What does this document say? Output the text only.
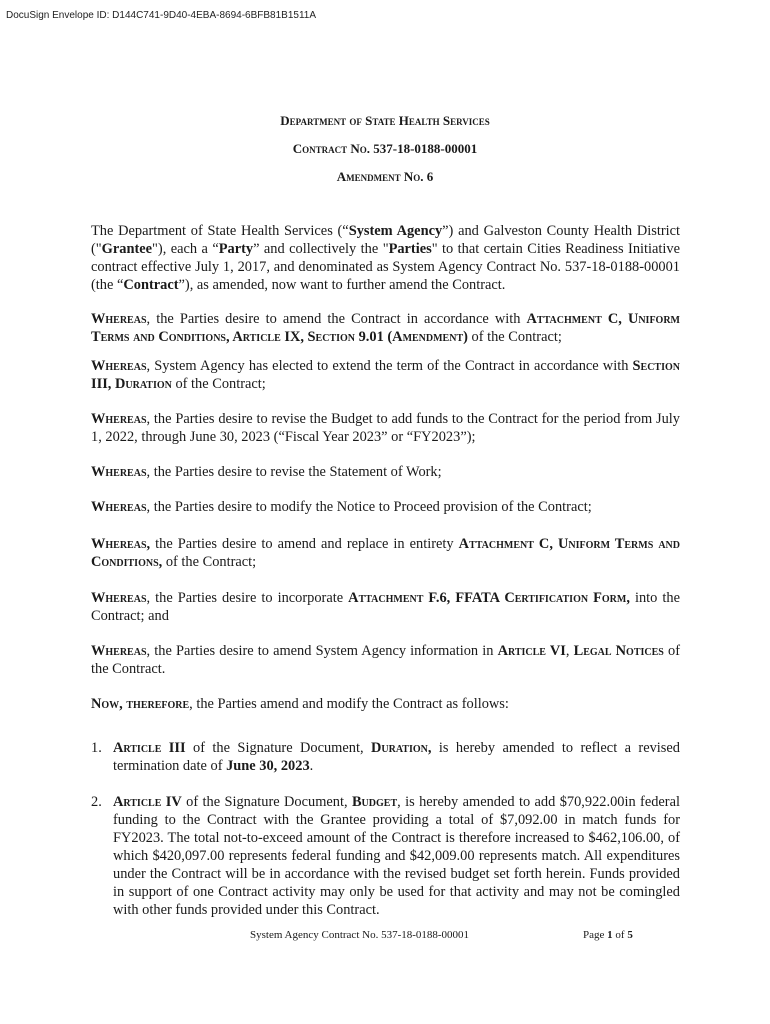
DocuSign Envelope ID: D144C741-9D40-4EBA-8694-6BFB81B1511A
Department of State Health Services
Contract No. 537-18-0188-00001
Amendment No. 6
The Department of State Health Services (“System Agency”) and Galveston County Health District ("Grantee"), each a “Party” and collectively the "Parties" to that certain Cities Readiness Initiative contract effective July 1, 2017, and denominated as System Agency Contract No. 537-18-0188-00001 (the “Contract”), as amended, now want to further amend the Contract.
Whereas, the Parties desire to amend the Contract in accordance with Attachment C, Uniform Terms and Conditions, Article IX, Section 9.01 (Amendment) of the Contract;
Whereas, System Agency has elected to extend the term of the Contract in accordance with Section III, Duration of the Contract;
Whereas, the Parties desire to revise the Budget to add funds to the Contract for the period from July 1, 2022, through June 30, 2023 (“Fiscal Year 2023” or “FY2023”);
Whereas, the Parties desire to revise the Statement of Work;
Whereas, the Parties desire to modify the Notice to Proceed provision of the Contract;
Whereas, the Parties desire to amend and replace in entirety Attachment C, Uniform Terms and Conditions, of the Contract;
Whereas, the Parties desire to incorporate Attachment F.6, FFATA Certification Form, into the Contract; and
Whereas, the Parties desire to amend System Agency information in Article VI, Legal Notices of the Contract.
Now, therefore, the Parties amend and modify the Contract as follows:
1. Article III of the Signature Document, Duration, is hereby amended to reflect a revised termination date of June 30, 2023.
2. Article IV of the Signature Document, Budget, is hereby amended to add $70,922.00in federal funding to the Contract with the Grantee providing a total of $7,092.00 in match funds for FY2023. The total not-to-exceed amount of the Contract is therefore increased to $462,106.00, of which $420,097.00 represents federal funding and $42,009.00 represents match. All expenditures under the Contract will be in accordance with the revised budget set forth herein. Funds provided in support of one Contract activity may only be used for that activity and may not be comingled with other funds provided under this Contract.
System Agency Contract No. 537-18-0188-00001	Page 1 of 5
